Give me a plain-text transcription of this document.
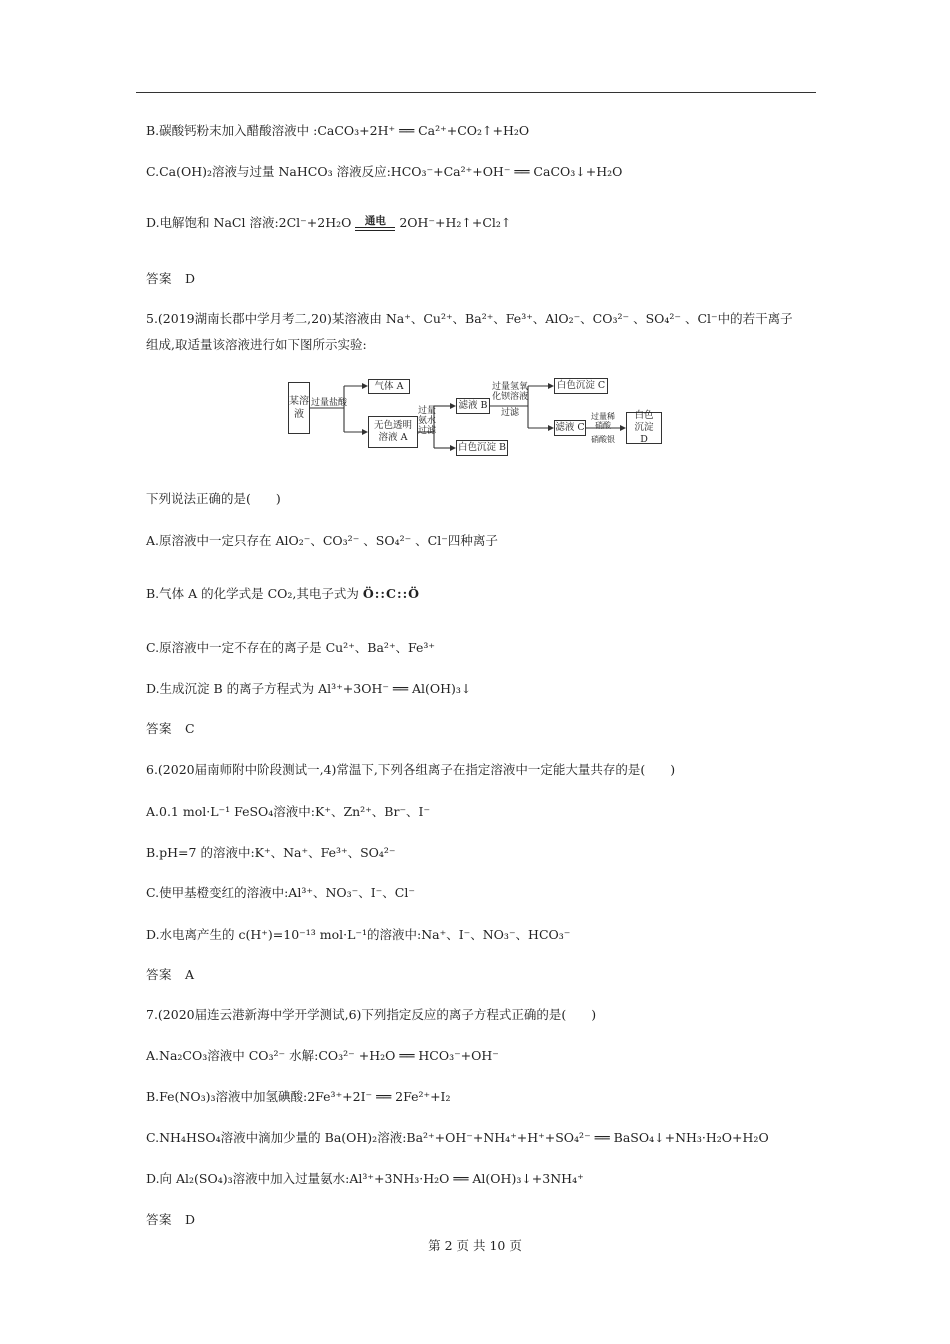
B.碳酸钙粉末加入醋酸溶液中 :CaCO₃+2H⁺ ══ Ca²⁺+CO₂↑+H₂O
C.Ca(OH)₂溶液与过量 NaHCO₃ 溶液反应:HCO₃⁻+Ca²⁺+OH⁻ ══ CaCO₃↓+H₂O
D.电解饱和 NaCl 溶液:2Cl⁻+2H₂O	通电	2OH⁻+H₂↑+Cl₂↑
答案　D
5.(2019湖南长郡中学月考二,20)某溶液由 Na⁺、Cu²⁺、Ba²⁺、Fe³⁺、AlO₂⁻、CO₃²⁻ 、SO₄²⁻ 、Cl⁻中的若干离子
组成,取适量该溶液进行如下图所示实验:
某溶液
过量盐酸
气体 A
无色透明溶液 A
过量
氨水
过滤
滤液 B
白色沉淀 B
过量氢氧
化钡溶液
过滤
白色沉淀 C
滤液 C
过量稀
硝酸
硝酸银
白色沉淀 D
下列说法正确的是(　　)
A.原溶液中一定只存在 AlO₂⁻、CO₃²⁻ 、SO₄²⁻ 、Cl⁻四种离子
B.气体 A 的化学式是 CO₂,其电子式为 Ö::C::Ö
C.原溶液中一定不存在的离子是 Cu²⁺、Ba²⁺、Fe³⁺
D.生成沉淀 B 的离子方程式为 Al³⁺+3OH⁻ ══ Al(OH)₃↓
答案　C
6.(2020届南师附中阶段测试一,4)常温下,下列各组离子在指定溶液中一定能大量共存的是(　　)
A.0.1 mol·L⁻¹ FeSO₄溶液中:K⁺、Zn²⁺、Br⁻、I⁻
B.pH=7 的溶液中:K⁺、Na⁺、Fe³⁺、SO₄²⁻
C.使甲基橙变红的溶液中:Al³⁺、NO₃⁻、I⁻、Cl⁻
D.水电离产生的 c(H⁺)=10⁻¹³ mol·L⁻¹的溶液中:Na⁺、I⁻、NO₃⁻、HCO₃⁻
答案　A
7.(2020届连云港新海中学开学测试,6)下列指定反应的离子方程式正确的是(　　)
A.Na₂CO₃溶液中 CO₃²⁻ 水解:CO₃²⁻ +H₂O ══ HCO₃⁻+OH⁻
B.Fe(NO₃)₃溶液中加氢碘酸:2Fe³⁺+2I⁻ ══ 2Fe²⁺+I₂
C.NH₄HSO₄溶液中滴加少量的 Ba(OH)₂溶液:Ba²⁺+OH⁻+NH₄⁺+H⁺+SO₄²⁻ ══ BaSO₄↓+NH₃·H₂O+H₂O
D.向 Al₂(SO₄)₃溶液中加入过量氨水:Al³⁺+3NH₃·H₂O ══ Al(OH)₃↓+3NH₄⁺
答案　D
第 2 页 共 10 页
